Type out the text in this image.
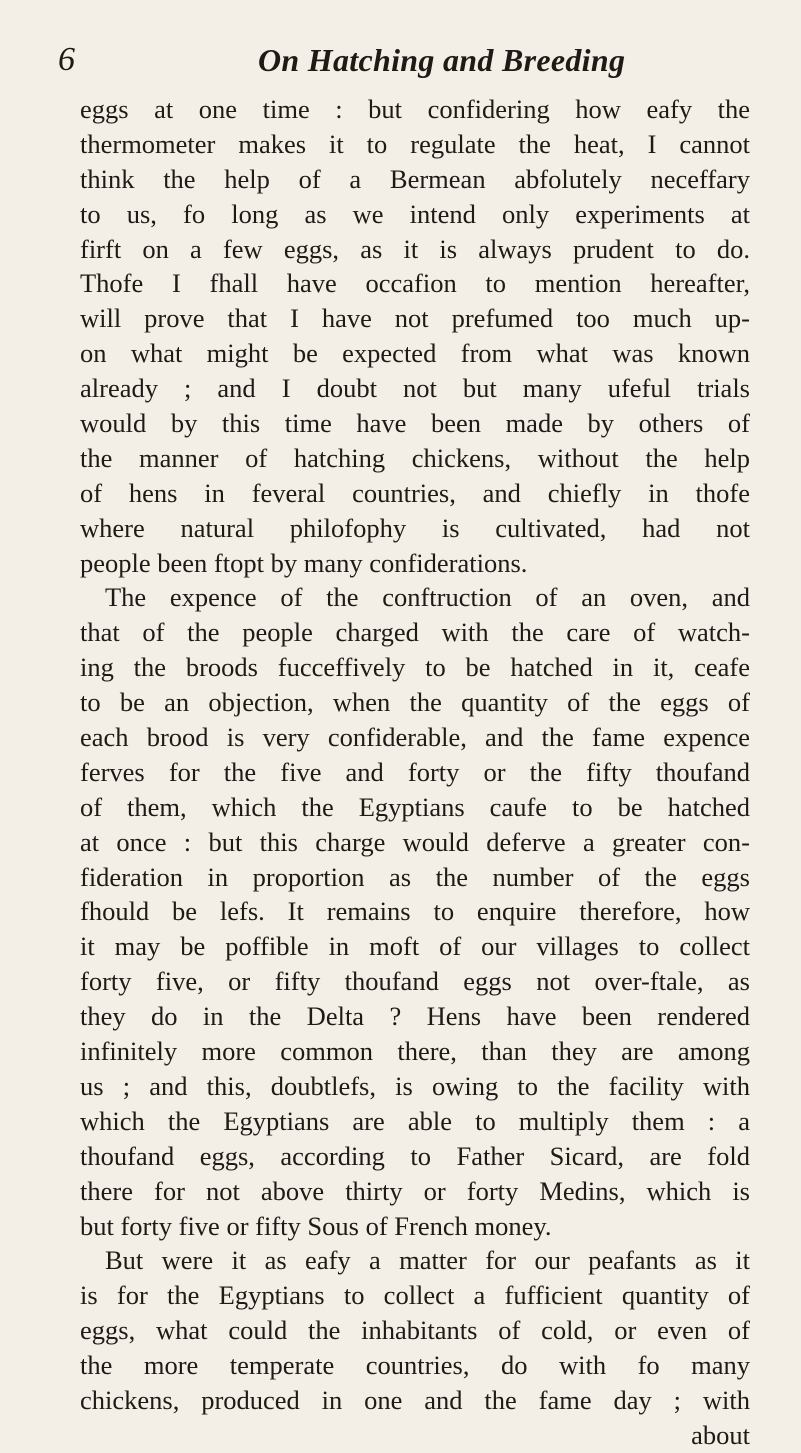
6	On Hatching and Breeding
eggs at one time : but confidering how eafy the
thermometer makes it to regulate the heat, I cannot
think the help of a Bermean abfolutely neceffary
to us, fo long as we intend only experiments at
firft on a few eggs, as it is always prudent to do.
Thofe I fhall have occafion to mention hereafter,
will prove that I have not prefumed too much up-
on what might be expected from what was known
already ; and I doubt not but many ufeful trials
would by this time have been made by others of
the manner of hatching chickens, without the help
of hens in feveral countries, and chiefly in thofe
where natural philofophy is cultivated, had not
people been ftopt by many confiderations.
The expence of the conftruction of an oven, and
that of the people charged with the care of watch-
ing the broods fucceffively to be hatched in it, ceafe
to be an objection, when the quantity of the eggs of
each brood is very confiderable, and the fame expence
ferves for the five and forty or the fifty thoufand
of them, which the Egyptians caufe to be hatched
at once : but this charge would deferve a greater con-
fideration in proportion as the number of the eggs
fhould be lefs. It remains to enquire therefore, how
it may be poffible in moft of our villages to collect
forty five, or fifty thoufand eggs not over-ftale, as
they do in the Delta ? Hens have been rendered
infinitely more common there, than they are among
us ; and this, doubtlefs, is owing to the facility with
which the Egyptians are able to multiply them : a
thoufand eggs, according to Father Sicard, are fold
there for not above thirty or forty Medins, which is
but forty five or fifty Sous of French money.
But were it as eafy a matter for our peafants as it
is for the Egyptians to collect a fufficient quantity of
eggs, what could the inhabitants of cold, or even of
the more temperate countries, do with fo many
chickens, produced in one and the fame day ; with
about
